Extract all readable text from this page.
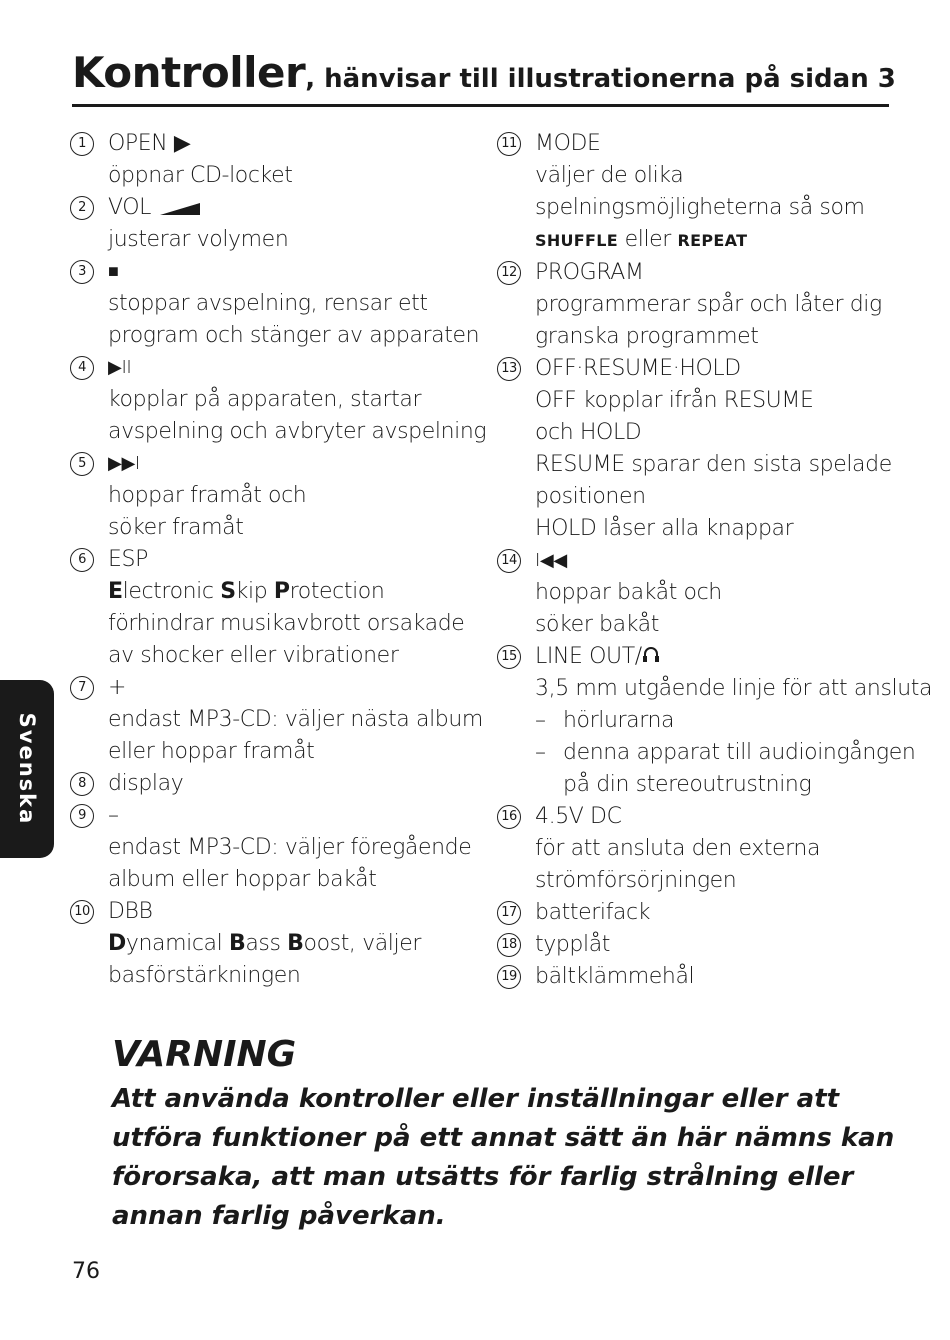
Kontroller, hänvisar till illustrationerna på sidan 3
1	OPEN ▶
öppnar CD-locket
2	VOL
justerar volymen
3	■
stoppar avspelning, rensar ett
program och stänger av apparaten
4	▶II
kopplar på apparaten, startar
avspelning och avbryter avspelning
5	▶▶I
hoppar framåt och
söker framåt
6	ESP
Electronic Skip Protection
förhindrar musikavbrott orsakade
av shocker eller vibrationer
7	+
endast MP3-CD: väljer nästa album
eller hoppar framåt
8	display
9	–
endast MP3-CD: väljer föregående
album eller hoppar bakåt
10 DBB
Dynamical Bass Boost, väljer
basförstärkningen
11 MODE
väljer de olika
spelningsmöjligheterna så som
SHUFFLE eller REPEAT
12 PROGRAM
programmerar spår och låter dig
granska programmet
13 OFF·RESUME·HOLD
OFF kopplar ifrån RESUME
och HOLD
RESUME sparar den sista spelade
positionen
HOLD låser alla knappar
14 I◀◀
hoppar bakåt och
söker bakåt
15 LINE OUT/
3,5 mm utgående linje för att ansluta
– hörlurarna
– denna apparat till audioingången
på din stereoutrustning
16 4.5V DC
för att ansluta den externa
strömförsörjningen
17 batterifack
18 typplåt
19 bältklämmehål
Svenska
VARNING
Att använda kontroller eller inställningar eller att
utföra funktioner på ett annat sätt än här nämns kan
förorsaka, att man utsätts för farlig strålning eller
annan farlig påverkan.
76
